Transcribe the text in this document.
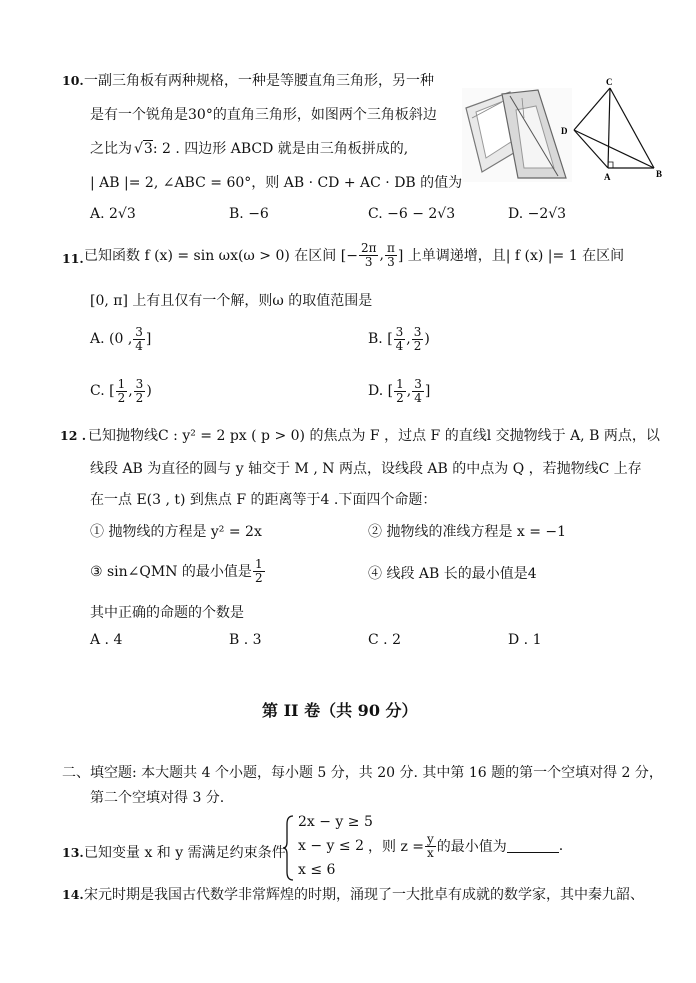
10. 一副三角板有两种规格，一种是等腰直角三角形，另一种
是有一个锐角是30°的直角三角形，如图两个三角板斜边
之比为 √3: 2 . 四边形 ABCD 就是由三角板拼成的,
| AB |= 2, ∠ABC = 60°，则 AB · CD + AC · DB 的值为
C
D
A	B
A. 2√3	B. −6	C. −6 − 2√3	D. −2√3
11. 已知函数 f (x) = sin ωx(ω > 0) 在区间 [− $\frac{2\pi}{3}$ , $\frac{\pi}{3}$ ] 上单调递增，且| f (x) |= 1 在区间
[0, π] 上有且仅有一个解，则ω 的取值范围是
A. (0 , $\frac{3}{4}$ ]	B. [ $\frac{3}{4}$ , $\frac{3}{2}$ )
C. [ $\frac{1}{2}$ , $\frac{3}{2}$ )	D. [ $\frac{1}{2}$ , $\frac{3}{4}$ ]
12 . 已知抛物线C : y² = 2 px ( p > 0) 的焦点为 F ，过点 F 的直线l 交抛物线于 A, B 两点，以
线段 AB 为直径的圆与 y 轴交于 M , N 两点，设线段 AB 的中点为 Q ，若抛物线C 上存
在一点 E(3 , t) 到焦点 F 的距离等于4 .下面四个命题：
① 抛物线的方程是 y² = 2x	② 抛物线的准线方程是 x = −1
③ sin∠QMN 的最小值是 $\frac{1}{2}$	④ 线段 AB 长的最小值是4
其中正确的命题的个数是
A . 4	B . 3	C . 2	D . 1
第 II 卷（共 90 分）
二、填空题: 本大题共 4 个小题，每小题 5 分，共 20 分. 其中第 16 题的第一个空填对得 2 分，
第二个空填对得 3 分.
13. 已知变量 x 和 y 需满足约束条件
2x − y ≥ 5
x − y ≤ 2
x ≤ 6
，则 $z = \frac{y}{x}$ 的最小值为	.
14. 宋元时期是我国古代数学非常辉煌的时期，涌现了一大批卓有成就的数学家，其中秦九韶、
